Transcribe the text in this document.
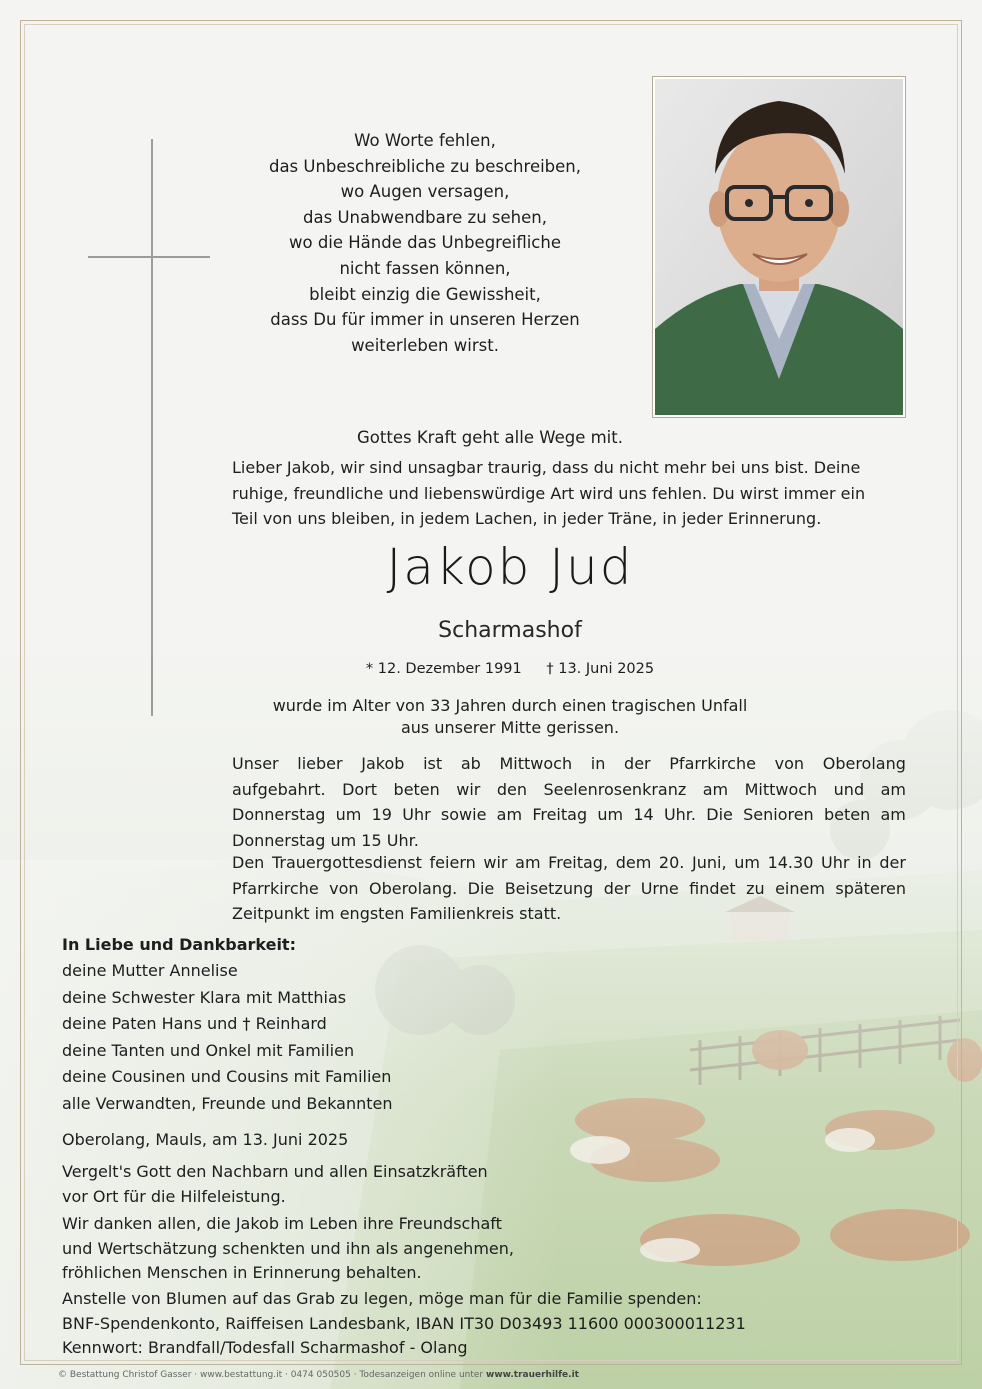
Wo Worte fehlen,
das Unbeschreibliche zu beschreiben,
wo Augen versagen,
das Unabwendbare zu sehen,
wo die Hände das Unbegreifliche
nicht fassen können,
bleibt einzig die Gewissheit,
dass Du für immer in unseren Herzen
weiterleben wirst.
Gottes Kraft geht alle Wege mit.
Lieber Jakob, wir sind unsagbar traurig, dass du nicht mehr bei uns bist. Deine
ruhige, freundliche und liebenswürdige Art wird uns fehlen. Du wirst immer ein
Teil von uns bleiben, in jedem Lachen, in jeder Träne, in jeder Erinnerung.
Jakob Jud
Scharmashof
* 12. Dezember 1991 † 13. Juni 2025
wurde im Alter von 33 Jahren durch einen tragischen Unfall
aus unserer Mitte gerissen.
Unser lieber Jakob ist ab Mittwoch in der Pfarrkirche von Oberolang
aufgebahrt. Dort beten wir den Seelenrosenkranz am Mittwoch und am
Donnerstag um 19 Uhr sowie am Freitag um 14 Uhr. Die Senioren beten am
Donnerstag um 15 Uhr.
Den Trauergottesdienst feiern wir am Freitag, dem 20. Juni, um 14.30 Uhr in der
Pfarrkirche von Oberolang. Die Beisetzung der Urne findet zu einem späteren
Zeitpunkt im engsten Familienkreis statt.
In Liebe und Dankbarkeit:
deine Mutter Annelise
deine Schwester Klara mit Matthias
deine Paten Hans und † Reinhard
deine Tanten und Onkel mit Familien
deine Cousinen und Cousins mit Familien
alle Verwandten, Freunde und Bekannten
Oberolang, Mauls, am 13. Juni 2025
Vergelt's Gott den Nachbarn und allen Einsatzkräften
vor Ort für die Hilfeleistung.
Wir danken allen, die Jakob im Leben ihre Freundschaft
und Wertschätzung schenkten und ihn als angenehmen,
fröhlichen Menschen in Erinnerung behalten.
Anstelle von Blumen auf das Grab zu legen, möge man für die Familie spenden:
BNF-Spendenkonto, Raiffeisen Landesbank, IBAN IT30 D03493 11600 000300011231
Kennwort: Brandfall/Todesfall Scharmashof - Olang
© Bestattung Christof Gasser · www.bestattung.it · 0474 050505 · Todesanzeigen online unter www.trauerhilfe.it
